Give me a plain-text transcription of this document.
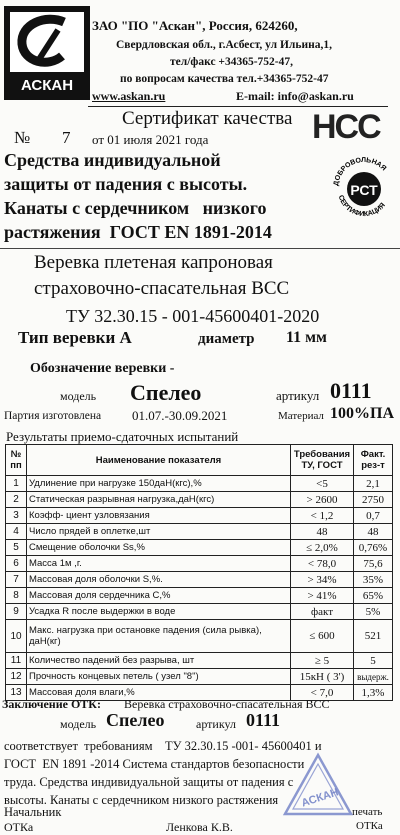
АСКАН
ЗАО "ПО "Аскан", Россия, 624260,
Свердловская обл., г.Асбест, ул Ильина,1,
тел/факс +34365-752-47,
по вопросам качества тел.+34365-752-47
www.askan.ru	E-mail: info@askan.ru
Сертификат качества
№ 7 от 01 июля 2021 года	НСС
ДОБРОВОЛЬНАЯ
РСТ
СЕРТИФИКАЦИЯ
Средства индивидуальной
защиты от падения с высоты.
Канаты с сердечником   низкого
растяжения  ГОСТ EN 1891-2014
Веревка плетеная капроновая
страховочно-спасательная ВСС
ТУ 32.30.15 - 001-45600401-2020
Тип веревки А	диаметр 11 мм
Обозначение веревки -
модель Спелео	артикул 0111
Партия изготовлена 01.07.-30.09.2021	Материал 100%ПА
Результаты приемо-сдаточных испытаний
№ пп	Наименование показателя	Требования ТУ, ГОСТ	Факт. рез-т
1	Удлинение при нагрузке 150даН(кгс),%	<5	2,1
2	Статическая разрывная нагрузка,даН(кгс)	> 2600	2750
3	Коэфф- циент узловязания	< 1,2	0,7
4	Число прядей в оплетке,шт	48	48
5	Смещение оболочки Ss,%	≤ 2,0%	0,76%
6	Масса 1м ,г.	< 78,0	75,6
7	Массовая доля оболочки S,%.	> 34%	35%
8	Массовая доля сердечника C,%	> 41%	65%
9	Усадка R после выдержки в воде	факт	5%
10	Макс. нагрузка при остановке падения (сила рывка), даН(кг)	≤ 600	521
11	Количество падений без разрыва, шт	≥ 5	5
12	Прочность концевых петель ( узел "8")	15кН ( 3')	выдерж.
13	Массовая доля влаги,%	< 7,0	1,3%
Заключение ОТК: Веревка страховочно-спасательная ВСС
модель Спелео	артикул 0111
соответствует  требованиям    ТУ 32.30.15 -001- 45600401 и
ГОСТ  EN 1891 -2014 Система стандартов безопасности
труда. Средства индивидуальной защиты от падения с
высоты. Канаты с сердечником низкого растяжения
Начальник
ОТКа	Ленкова К.В.
печать
ОТКа
АСКАН
